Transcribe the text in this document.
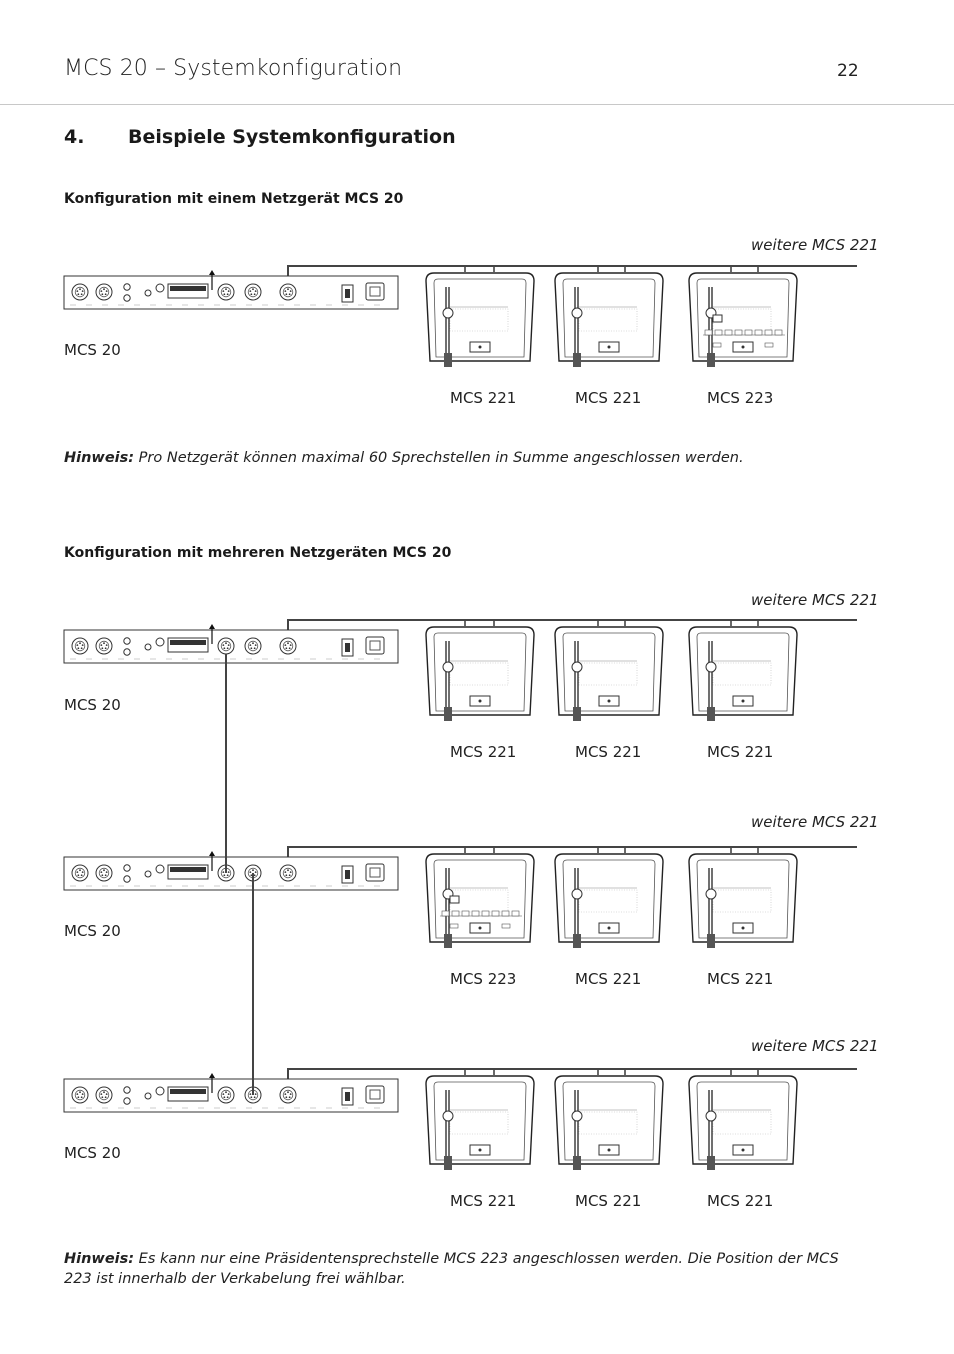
MCS 20 – Systemkonfiguration	22
4. Beispiele Systemkonfiguration
Konfiguration mit einem Netzgerät MCS 20
weitere MCS 221
MCS 20
MCS 221	MCS 221	MCS 223
Hinweis: Pro Netzgerät können maximal 60 Sprechstellen in Summe angeschlossen werden.
Konfiguration mit mehreren Netzgeräten MCS 20
weitere MCS 221
MCS 20
MCS 221	MCS 221	MCS 221
weitere MCS 221
MCS 20
MCS 223	MCS 221	MCS 221
weitere MCS 221
MCS 20
MCS 221	MCS 221	MCS 221
Hinweis: Es kann nur eine Präsidentensprechstelle MCS 223 angeschlossen werden. Die Position der MCS 223 ist innerhalb der Verkabelung frei wählbar.
